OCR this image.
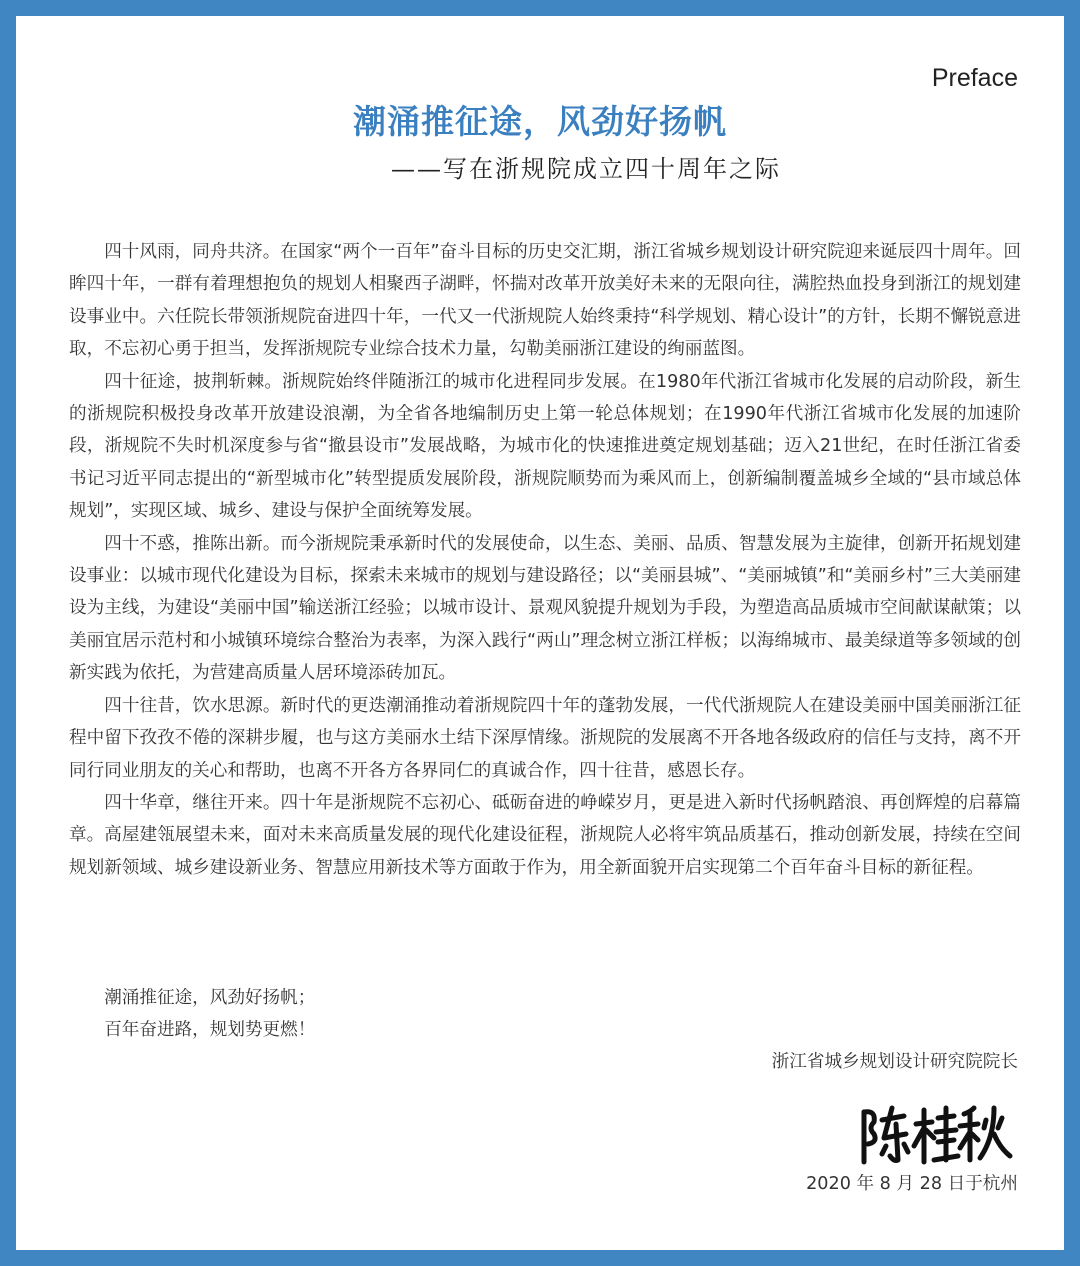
Preface
潮涌推征途，风劲好扬帆
——写在浙规院成立四十周年之际

四十风雨，同舟共济。在国家“两个一百年”奋斗目标的历史交汇期，浙江省城乡规划设计研究院迎来诞辰四十周年。回眸四十年，一群有着理想抱负的规划人相聚西子湖畔，怀揣对改革开放美好未来的无限向往，满腔热血投身到浙江的规划建设事业中。六任院长带领浙规院奋进四十年，一代又一代浙规院人始终秉持“科学规划、精心设计”的方针，长期不懈锐意进取，不忘初心勇于担当，发挥浙规院专业综合技术力量，勾勒美丽浙江建设的绚丽蓝图。

四十征途，披荆斩棘。浙规院始终伴随浙江的城市化进程同步发展。在1980年代浙江省城市化发展的启动阶段，新生的浙规院积极投身改革开放建设浪潮，为全省各地编制历史上第一轮总体规划；在1990年代浙江省城市化发展的加速阶段，浙规院不失时机深度参与省“撤县设市”发展战略，为城市化的快速推进奠定规划基础；迈入21世纪，在时任浙江省委书记习近平同志提出的“新型城市化”转型提质发展阶段，浙规院顺势而为乘风而上，创新编制覆盖城乡全域的“县市域总体规划”，实现区域、城乡、建设与保护全面统筹发展。

四十不惑，推陈出新。而今浙规院秉承新时代的发展使命，以生态、美丽、品质、智慧发展为主旋律，创新开拓规划建设事业：以城市现代化建设为目标，探索未来城市的规划与建设路径；以“美丽县城”、“美丽城镇”和“美丽乡村”三大美丽建设为主线，为建设“美丽中国”输送浙江经验；以城市设计、景观风貌提升规划为手段，为塑造高品质城市空间献谋献策；以美丽宜居示范村和小城镇环境综合整治为表率，为深入践行“两山”理念树立浙江样板；以海绵城市、最美绿道等多领域的创新实践为依托，为营建高质量人居环境添砖加瓦。

四十往昔，饮水思源。新时代的更迭潮涌推动着浙规院四十年的蓬勃发展，一代代浙规院人在建设美丽中国美丽浙江征程中留下孜孜不倦的深耕步履，也与这方美丽水土结下深厚情缘。浙规院的发展离不开各地各级政府的信任与支持，离不开同行同业朋友的关心和帮助，也离不开各方各界同仁的真诚合作，四十往昔，感恩长存。

四十华章，继往开来。四十年是浙规院不忘初心、砥砺奋进的峥嵘岁月，更是进入新时代扬帆踏浪、再创辉煌的启幕篇章。高屋建瓴展望未来，面对未来高质量发展的现代化建设征程，浙规院人必将牢筑品质基石，推动创新发展，持续在空间规划新领域、城乡建设新业务、智慧应用新技术等方面敢于作为，用全新面貌开启实现第二个百年奋斗目标的新征程。

潮涌推征途，风劲好扬帆；

百年奋进路，规划势更燃！

浙江省城乡规划设计研究院院长
2020 年 8 月 28 日于杭州
